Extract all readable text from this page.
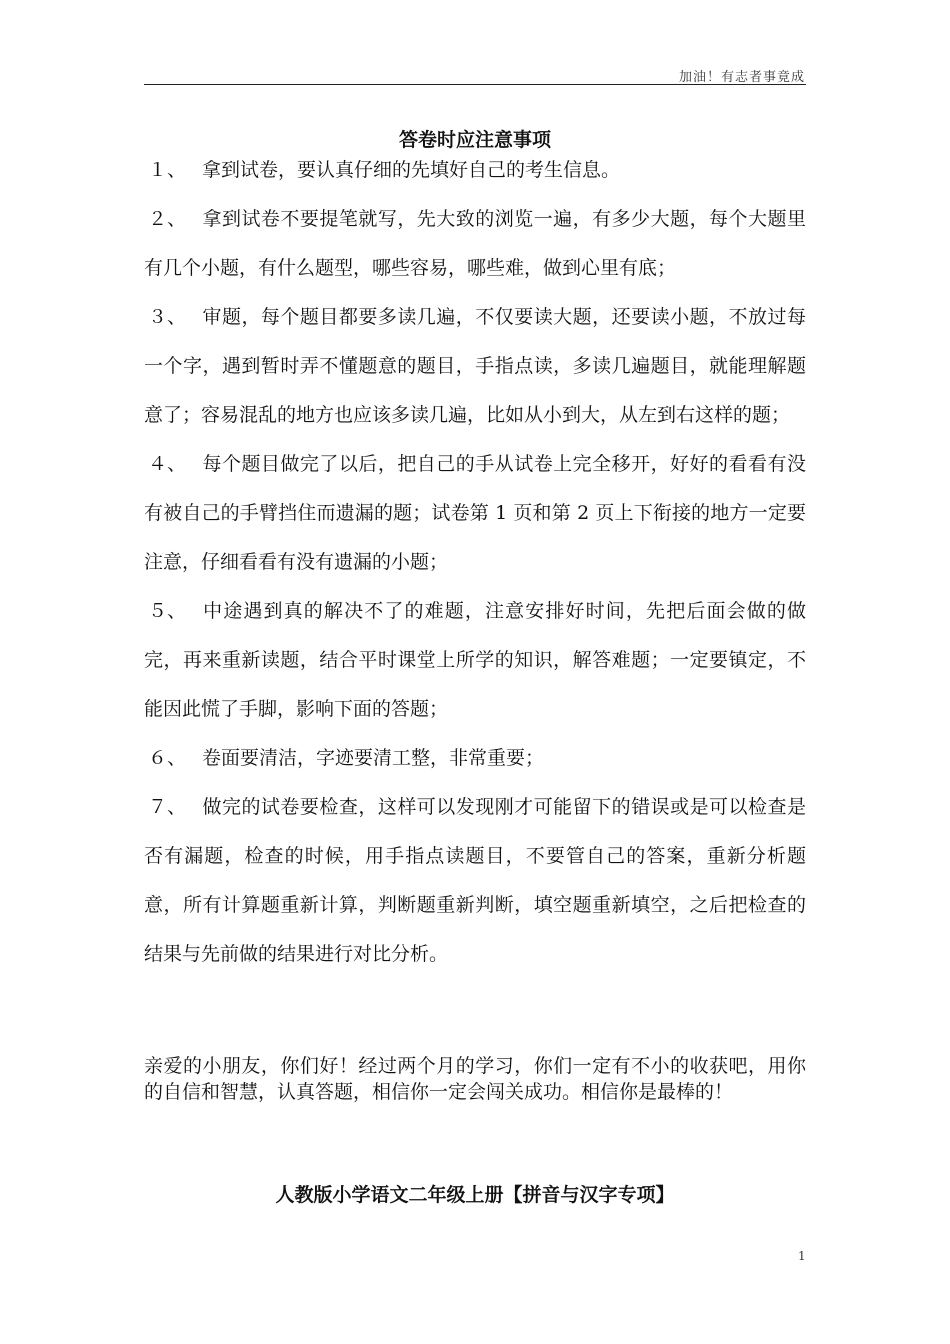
加油！有志者事竟成
答卷时应注意事项

１、 拿到试卷，要认真仔细的先填好自己的考生信息。

２、 拿到试卷不要提笔就写，先大致的浏览一遍，有多少大题，每个大题里有几个小题，有什么题型，哪些容易，哪些难，做到心里有底；

３、 审题，每个题目都要多读几遍，不仅要读大题，还要读小题，不放过每一个字，遇到暂时弄不懂题意的题目，手指点读，多读几遍题目，就能理解题意了；容易混乱的地方也应该多读几遍，比如从小到大，从左到右这样的题；

４、 每个题目做完了以后，把自己的手从试卷上完全移开，好好的看看有没有被自己的手臂挡住而遗漏的题；试卷第 1 页和第 2 页上下衔接的地方一定要注意，仔细看看有没有遗漏的小题；

５、 中途遇到真的解决不了的难题，注意安排好时间，先把后面会做的做完，再来重新读题，结合平时课堂上所学的知识，解答难题；一定要镇定，不能因此慌了手脚，影响下面的答题；

６、 卷面要清洁，字迹要清工整，非常重要；

７、 做完的试卷要检查，这样可以发现刚才可能留下的错误或是可以检查是否有漏题，检查的时候，用手指点读题目，不要管自己的答案，重新分析题意，所有计算题重新计算，判断题重新判断，填空题重新填空，之后把检查的结果与先前做的结果进行对比分析。

亲爱的小朋友，你们好！经过两个月的学习，你们一定有不小的收获吧，用你的自信和智慧，认真答题，相信你一定会闯关成功。相信你是最棒的！

人教版小学语文二年级上册【拼音与汉字专项】
1
